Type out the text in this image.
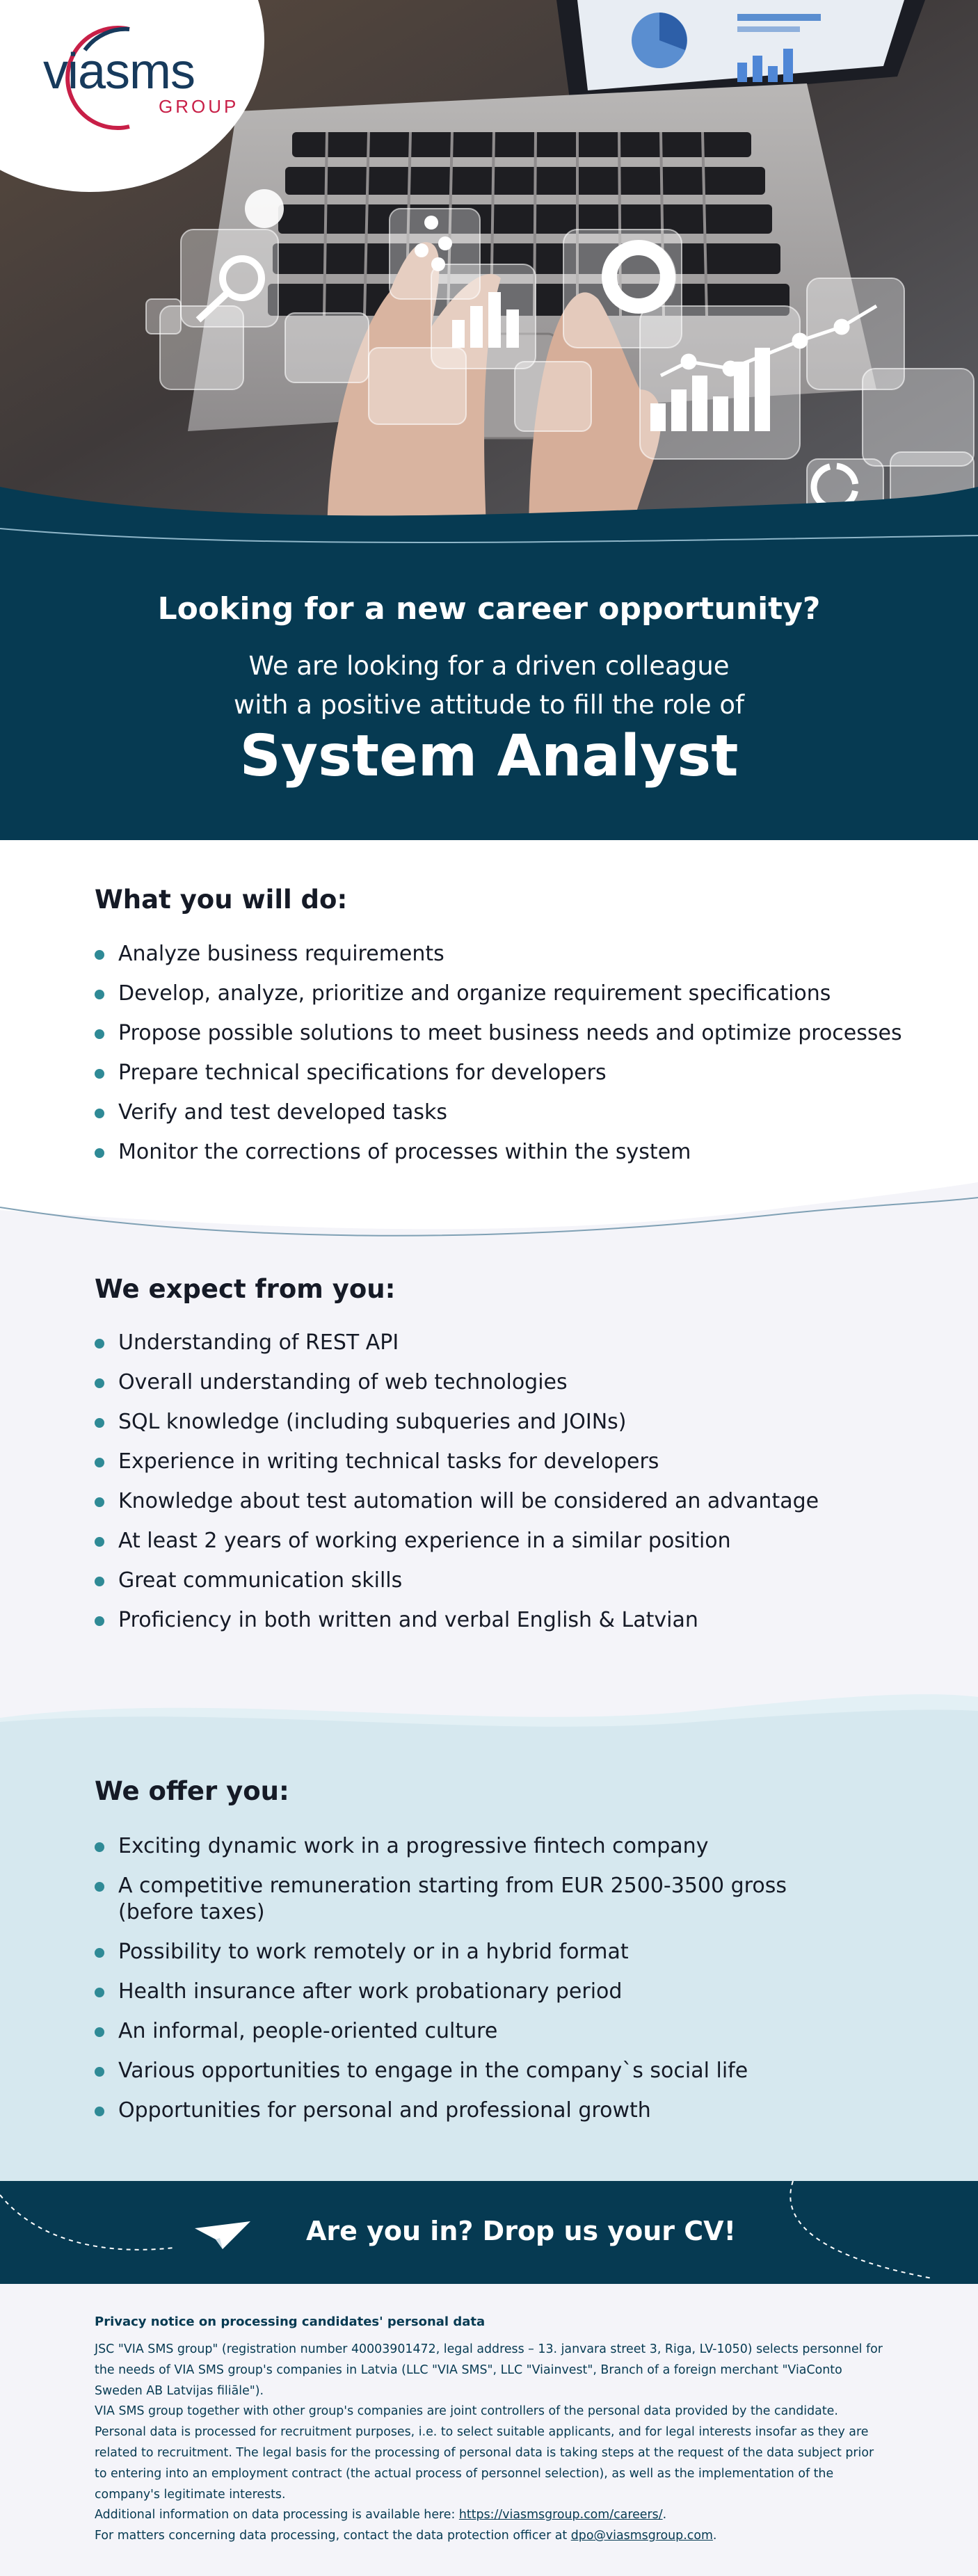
viasms
GROUP
Looking for a new career opportunity?
We are looking for a driven colleague
with a positive attitude to fill the role of
System Analyst
What you will do:
Analyze business requirements
Develop, analyze, prioritize and organize requirement specifications
Propose possible solutions to meet business needs and optimize processes
Prepare technical specifications for developers
Verify and test developed tasks
Monitor the corrections of processes within the system
We expect from you:
Understanding of REST API
Overall understanding of web technologies
SQL knowledge (including subqueries and JOINs)
Experience in writing technical tasks for developers
Knowledge about test automation will be considered an advantage
At least 2 years of working experience in a similar position
Great communication skills
Proficiency in both written and verbal English & Latvian
We offer you:
Exciting dynamic work in a progressive fintech company
A competitive remuneration starting from EUR 2500-3500 gross
(before taxes)
Possibility to work remotely or in a hybrid format
Health insurance after work probationary period
An informal, people-oriented culture
Various opportunities to engage in the company`s social life
Opportunities for personal and professional growth
Are you in? Drop us your CV!
Privacy notice on processing candidates' personal data

JSC "VIA SMS group" (registration number 40003901472, legal address – 13. janvara street 3, Riga, LV-1050) selects personnel for the needs of VIA SMS group's companies in Latvia (LLC "VIA SMS", LLC "Viainvest", Branch of a foreign merchant "ViaConto Sweden AB Latvijas filiāle").

VIA SMS group together with other group's companies are joint controllers of the personal data provided by the candidate. Personal data is processed for recruitment purposes, i.e. to select suitable applicants, and for legal interests insofar as they are related to recruitment. The legal basis for the processing of personal data is taking steps at the request of the data subject prior to entering into an employment contract (the actual process of personnel selection), as well as the implementation of the company's legitimate interests.

Additional information on data processing is available here: https://viasmsgroup.com/careers/.

For matters concerning data processing, contact the data protection officer at dpo@viasmsgroup.com.
